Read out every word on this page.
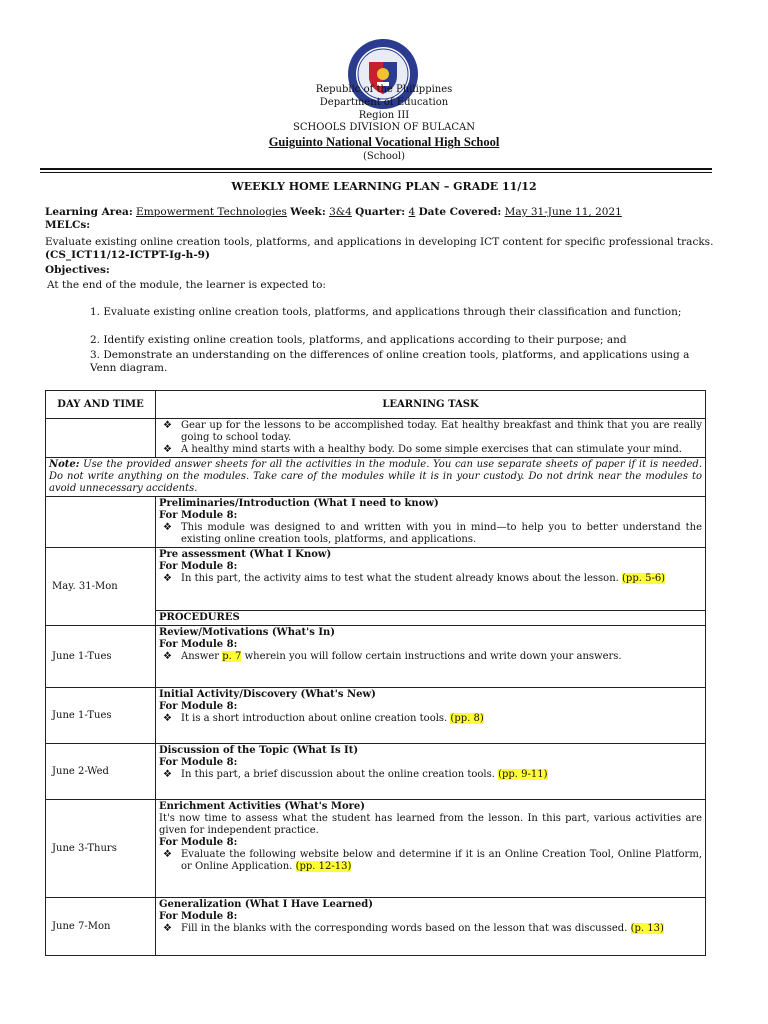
Republic of the Philippines
Department of Education
Region III
SCHOOLS DIVISION OF BULACAN
Guiguinto National Vocational High School
(School)
WEEKLY HOME LEARNING PLAN – GRADE 11/12
Learning Area: Empowerment Technologies Week: 3&4 Quarter: 4 Date Covered: May 31-June 11, 2021
MELCs:
Evaluate existing online creation tools, platforms, and applications in developing ICT content for specific professional tracks. (CS_ICT11/12-ICTPT-Ig-h-9)
Objectives:
At the end of the module, the learner is expected to:
1. Evaluate existing online creation tools, platforms, and applications through their classification and function;
2. Identify existing online creation tools, platforms, and applications according to their purpose; and
3. Demonstrate an understanding on the differences of online creation tools, platforms, and applications using a Venn diagram.
DAY AND TIME	LEARNING TASK

	❖ Gear up for the lessons to be accomplished today. Eat healthy breakfast and think that you are really going to school today.
❖ A healthy mind starts with a healthy body. Do some simple exercises that can stimulate your mind.

Note: Use the provided answer sheets for all the activities in the module. You can use separate sheets of paper if it is needed. Do not write anything on the modules. Take care of the modules while it is in your custody. Do not drink near the modules to avoid unnecessary accidents.	

	Preliminaries/Introduction (What I need to know)
For Module 8:
❖ This module was designed to and written with you in mind—to help you to better understand the existing online creation tools, platforms, and applications.

May. 31-Mon	Pre assessment (What I Know)
For Module 8:
❖ In this part, the activity aims to test what the student already knows about the lesson. (pp. 5-6)

	PROCEDURES
June 1-Tues	Review/Motivations (What's In)
For Module 8:
❖ Answer p. 7 wherein you will follow certain instructions and write down your answers.

June 1-Tues	Initial Activity/Discovery (What's New)
For Module 8:
❖ It is a short introduction about online creation tools. (pp. 8)

June 2-Wed	Discussion of the Topic (What Is It)
For Module 8:
❖ In this part, a brief discussion about the online creation tools. (pp. 9-11)

June 3-Thurs	Enrichment Activities (What's More)
It's now time to assess what the student has learned from the lesson. In this part, various activities are given for independent practice.
For Module 8:
❖ Evaluate the following website below and determine if it is an Online Creation Tool, Online Platform, or Online Application. (pp. 12-13)

June 7-Mon	Generalization (What I Have Learned)
For Module 8:
❖ Fill in the blanks with the corresponding words based on the lesson that was discussed. (p. 13)
